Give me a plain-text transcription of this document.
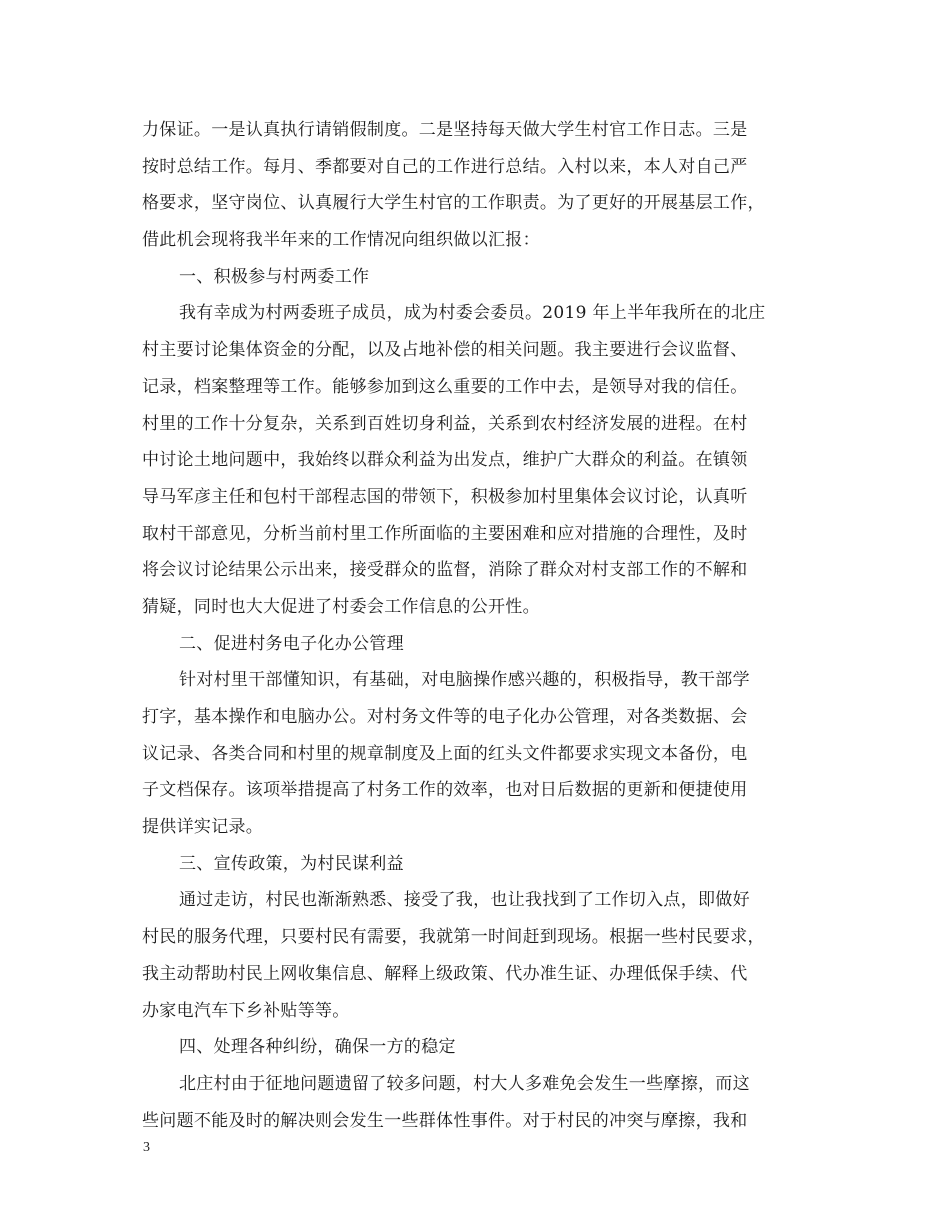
力保证。一是认真执行请销假制度。二是坚持每天做大学生村官工作日志。三是
按时总结工作。每月、季都要对自己的工作进行总结。入村以来，本人对自己严
格要求，坚守岗位、认真履行大学生村官的工作职责。为了更好的开展基层工作，
借此机会现将我半年来的工作情况向组织做以汇报：
一、积极参与村两委工作
我有幸成为村两委班子成员，成为村委会委员。2019 年上半年我所在的北庄
村主要讨论集体资金的分配，以及占地补偿的相关问题。我主要进行会议监督、
记录，档案整理等工作。能够参加到这么重要的工作中去，是领导对我的信任。
村里的工作十分复杂，关系到百姓切身利益，关系到农村经济发展的进程。在村
中讨论土地问题中，我始终以群众利益为出发点，维护广大群众的利益。在镇领
导马军彦主任和包村干部程志国的带领下，积极参加村里集体会议讨论，认真听
取村干部意见，分析当前村里工作所面临的主要困难和应对措施的合理性，及时
将会议讨论结果公示出来，接受群众的监督，消除了群众对村支部工作的不解和
猜疑，同时也大大促进了村委会工作信息的公开性。
二、促进村务电子化办公管理
针对村里干部懂知识，有基础，对电脑操作感兴趣的，积极指导，教干部学
打字，基本操作和电脑办公。对村务文件等的电子化办公管理，对各类数据、会
议记录、各类合同和村里的规章制度及上面的红头文件都要求实现文本备份，电
子文档保存。该项举措提高了村务工作的效率，也对日后数据的更新和便捷使用
提供详实记录。
三、宣传政策，为村民谋利益
通过走访，村民也渐渐熟悉、接受了我，也让我找到了工作切入点，即做好
村民的服务代理，只要村民有需要，我就第一时间赶到现场。根据一些村民要求，
我主动帮助村民上网收集信息、解释上级政策、代办准生证、办理低保手续、代
办家电汽车下乡补贴等等。
四、处理各种纠纷，确保一方的稳定
北庄村由于征地问题遗留了较多问题，村大人多难免会发生一些摩擦，而这
些问题不能及时的解决则会发生一些群体性事件。对于村民的冲突与摩擦，我和
3
